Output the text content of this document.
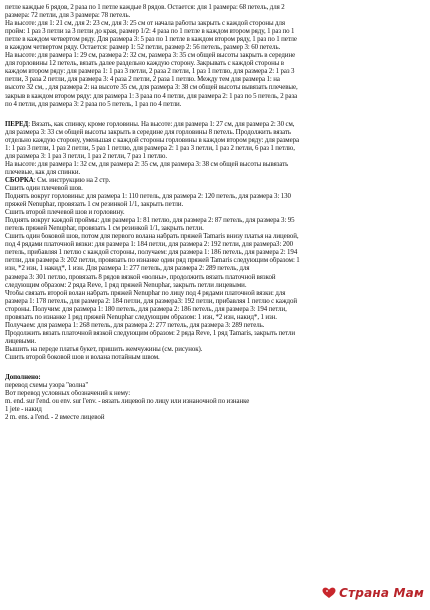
петле каждые 6 рядов, 2 раза по 1 петле каждые 8 рядов. Остается: для 1 размера: 68 петель, для 2
размера: 72 петли, для 3 размера: 78 петель.
На высоте: для 1: 21 см, для 2: 23 см, для 3: 25 см от начала работы закрыть с каждой стороны для
пройм: 1 раз 3 петли за 3 петли до края, размер 1/2: 4 раза по 1 петле в каждом втором ряду, 1 раз по 1
петле в каждом четвертом ряду. Для размера 3: 5 раз по 1 петле в каждом втором ряду, 1 раз по 1 петле
в каждом четвертом ряду. Остается: размер 1: 52 петли, размер 2: 56 петель, размер 3: 60 петель.
На высоте: для размера 1: 29 см, размера 2: 32 см, размера 3: 35 см общей высоты закрыть в середине
для горловины 12 петель, вязать далее раздельно каждую сторону. Закрывать с каждой стороны в
каждом втором ряду: для размера 1: 1 раз 3 петли, 2 раза 2 петли, 1 раз 1 петлю, для размера 2: 1 раз 3
петли, 3 раза 2 петли, для размера 3: 4 раза 2 петли, 2 раза 1 петлю. Между тем для размера 1: на
высоте 32 см, , для размера 2: на высоте 35 см, для размера 3: 38 см общей высоты вывязать плечевые,
закрыв в каждом втором ряду: для размера 1: 3 раза по 4 петли, для размера 2: 1 раз по 5 петель, 2 раза
по 4 петли, для размера 3: 2 раза по 5 петель, 1 раз по 4 петли.
ПЕРЕД: Вязать, как спинку, кроме горловины. На высоте: для размера 1: 27 см, для размера 2: 30 см,
для размера 3: 33 см общей высоты закрыть в середине для горловины 8 петель. Продолжить вязать
отдельно каждую сторону, уменьшая с каждой стороны горловины в каждом втором ряду: для размера
1: 1 раз 3 петли, 1 раз 2 петли, 5 раз 1 петлю, для размера 2: 1 раз 3 петли, 1 раз 2 петли, 6 раз 1 петлю,
для размера 3: 1 раз 3 петли, 1 раз 2 петли, 7 раз 1 петлю.
На высоте: для размера 1: 32 см, для размера 2: 35 см, для размера 3: 38 см общей высоты вывязать
плечевые, как для спинки.
СБОРКА: См. инструкцию на 2 стр.
Сшить один плечевой шов.
Поднять вокруг горловины: для размера 1: 110 петель, для размера 2: 120 петель, для размера 3: 130
пряжей Nenuphar, провязать 1 см резинкой 1/1, закрыть петли.
Сшить второй плечевой шов и горловину.
Поднять вокруг каждой проймы: для размера 1: 81 петлю, для размера 2: 87 петель, для размера 3: 95
петель пряжей Nenuphar, провязать 1 см резинкой 1/1, закрыть петли.
Сшить один боковой шов, потом для первого волана набрать пряжей Tamaris внизу платья на лицевой,
под 4 рядами платочной вязки: для размера 1: 184 петли, для размера 2: 192 петли, для размера3: 200
петель, прибавляя 1 петлю с каждой стороны, получаем: для размера 1: 186 петель, для размера 2: 194
петли, для размера 3: 202 петли, провязать по изнанке один ряд пряжей Tamaris следующим образом: 1
изн, *2 изн, 1 накид*, 1 изн. Для размера 1: 277 петель, для размера 2: 289 петель, для
размера 3: 301 петлю, провязать 8 рядов вязкой «волны», продолжить вязать платочной вязкой
следующим образом: 2 ряда Reve, 1 ряд пряжей Nenuphar, закрыть петли лицевыми.
Чтобы связать второй волан набрать пряжей Nenuphar по лицу под 4 рядами платочной вязки: для
размера 1: 178 петель, для размера 2: 184 петли, для размера3: 192 петли, прибавляя 1 петлю с каждой
стороны. Получим: для размера 1: 180 петель, для размера 2: 186 петель, для размера 3: 194 петли,
провязать по изнанке 1 ряд пряжей Nenuphar следующим образом: 1 изн, *2 изн, накид*, 1 изн.
Получаем: для размера 1: 268 петель, для размера 2: 277 петель, для размера 3: 289 петель.
Продолжить вязать платочной вязкой следующим образом: 2 ряда Reve, 1 ряд Tamaris, закрыть петли
лицевыми.
Вышить на переде платья букет, пришить жемчужины (см. рисунок).
Сшить второй боковой шов и волана потайным швом.
Дополнено:
перевод схемы узора "волна"
Вот перевод условных обозначений к нему:
m. end. sur l'end. ou env. sur l'env. - вязать лицевой по лицу или изнаночной по изнанке
1 jete - накид
2 m. ens. a l'end. - 2 вместе лицевой
Страна Мам
